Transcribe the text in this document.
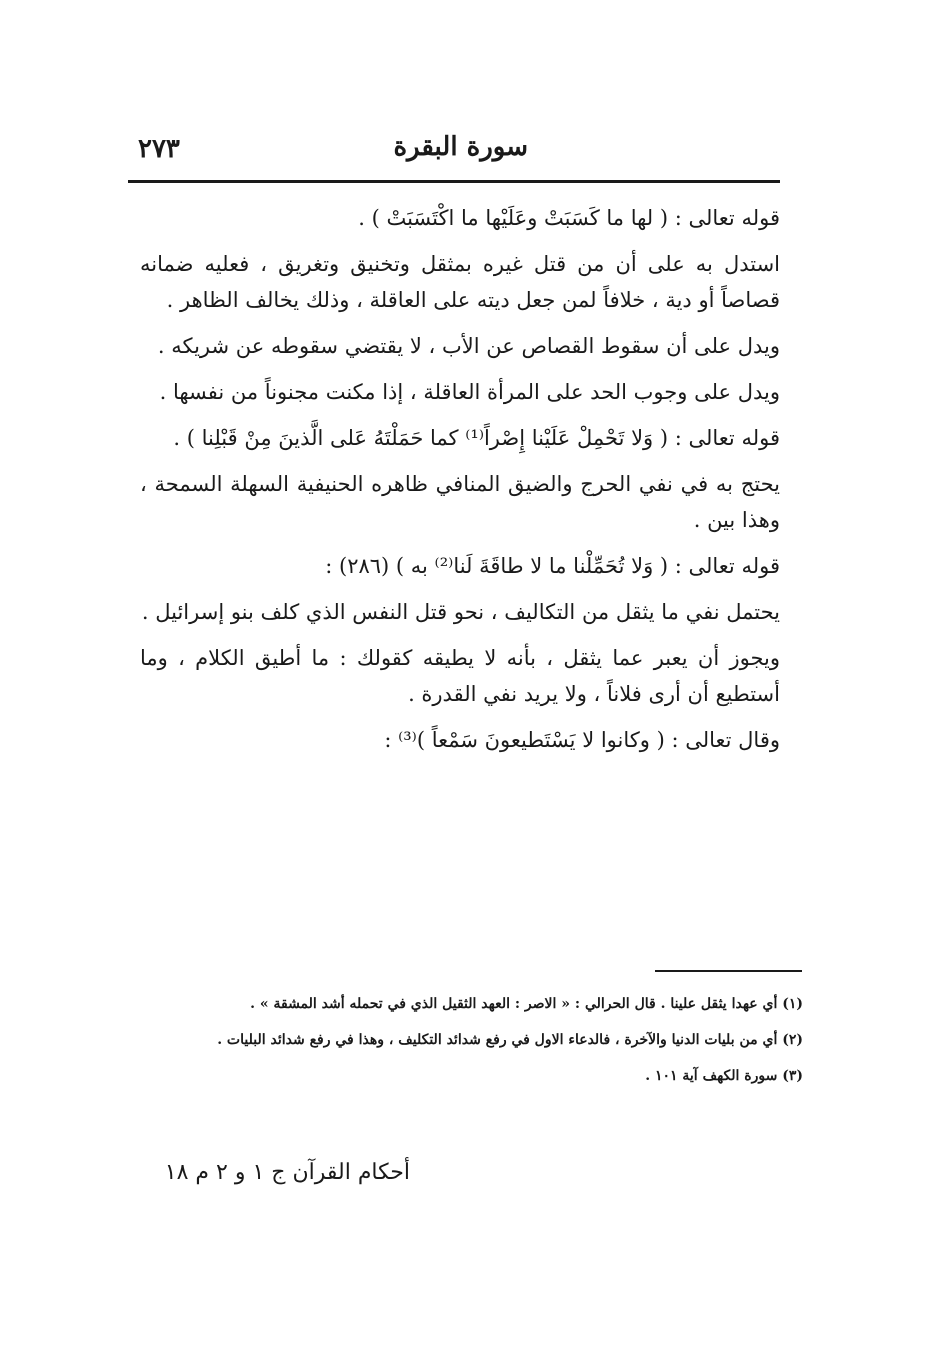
سورة البقرة
٢٧٣

قوله تعالى : ( لها ما كَسَبَتْ وعَلَيْها ما اكْتَسَبَتْ ) .

استدل به على أن من قتل غيره بمثقل وتخنيق وتغريق ، فعليه ضمانه قصاصاً أو دية ، خلافاً لمن جعل ديته على العاقلة ، وذلك يخالف الظاهر .

ويدل على أن سقوط القصاص عن الأب ، لا يقتضي سقوطه عن شريكه .

ويدل على وجوب الحد على المرأة العاقلة ، إذا مكنت مجنوناً من نفسها .

قوله تعالى : ( وَلا تَحْمِلْ عَلَيْنا إِصْراً⁽¹⁾ كما حَمَلْتَهُ عَلى الَّذينَ مِنْ قَبْلِنا ) .

يحتج به في نفي الحرج والضيق المنافي ظاهره الحنيفية السهلة السمحة ، وهذا بين .

قوله تعالى : ( وَلا تُحَمِّلْنا ما لا طاقَةَ لَنا⁽²⁾ به ) (٢٨٦) :

يحتمل نفي ما يثقل من التكاليف ، نحو قتل النفس الذي كلف بنو إسرائيل .

ويجوز أن يعبر عما يثقل ، بأنه لا يطيقه كقولك : ما أطيق الكلام ، وما أستطيع أن أرى فلاناً ، ولا يريد نفي القدرة .

وقال تعالى : ( وكانوا لا يَسْتَطيعونَ سَمْعاً )⁽³⁾ :

(١) أي عهدا يثقل علينا . قال الحرالي : « الاصر : العهد الثقيل الذي في تحمله أشد المشقة » .

(٢) أي من بليات الدنيا والآخرة ، فالدعاء الاول في رفع شدائد التكليف ، وهذا في رفع شدائد البليات .

(٣) سورة الكهف آية ١٠١ .

أحكام القرآن ج ١ و ٢ م ١٨
